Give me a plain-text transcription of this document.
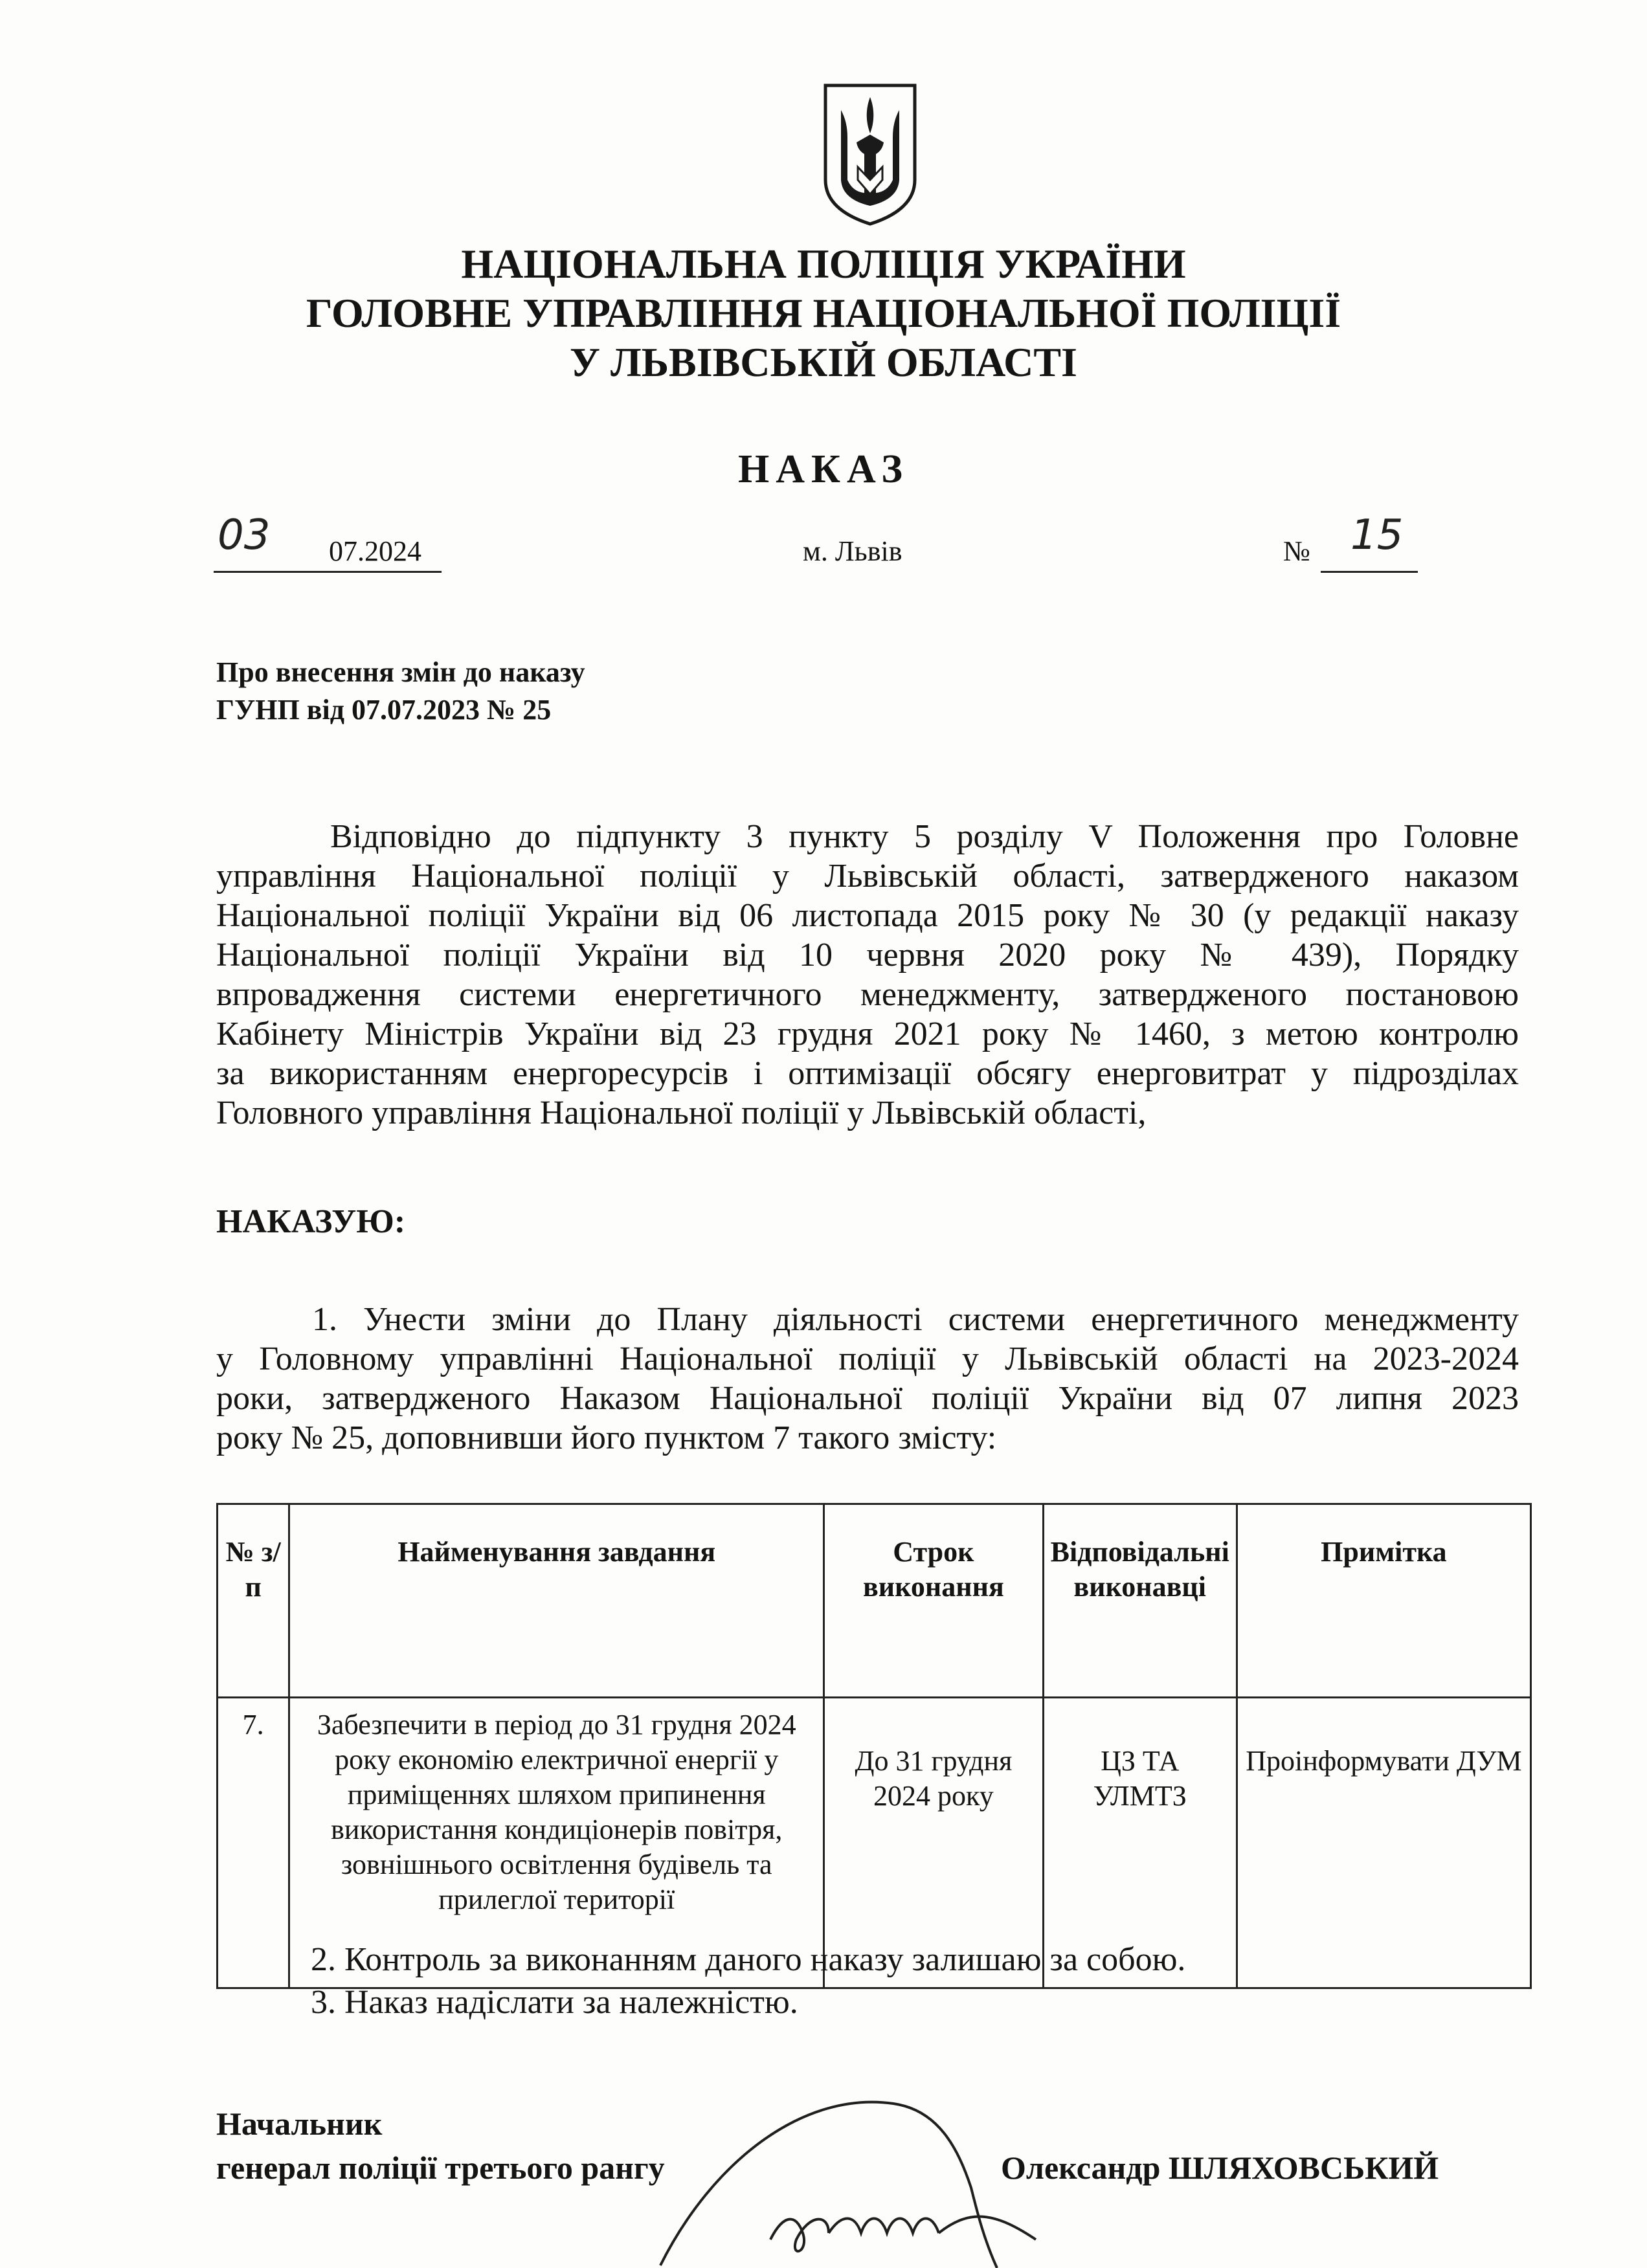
НАЦІОНАЛЬНА ПОЛІЦІЯ УКРАЇНИ
ГОЛОВНЕ УПРАВЛІННЯ НАЦІОНАЛЬНОЇ ПОЛІЦІЇ
У ЛЬВІВСЬКІЙ ОБЛАСТІ
НАКАЗ
03 07.2024	м. Львів	№ 15
Про внесення змін до наказу
ГУНП від 07.07.2023 № 25
Відповідно до підпункту 3 пункту 5 розділу V Положення про Головне
управління Національної поліції у Львівській області, затвердженого наказом
Національної поліції України від 06 листопада 2015 року № 30 (у редакції наказу
Національної поліції України від 10 червня 2020 року № 439), Порядку
впровадження системи енергетичного менеджменту, затвердженого постановою
Кабінету Міністрів України від 23 грудня 2021 року № 1460, з метою контролю
за використанням енергоресурсів і оптимізації обсягу енерговитрат у підрозділах
Головного управління Національної поліції у Львівській області,
НАКАЗУЮ:
1. Унести зміни до Плану діяльності системи енергетичного менеджменту
у Головному управлінні Національної поліції у Львівській області на 2023-2024
роки, затвердженого Наказом Національної поліції України від 07 липня 2023
року № 25, доповнивши його пунктом 7 такого змісту:
№ з/п	Найменування завдання	Строк виконання	Відповідальні виконавці	Примітка
7.	Забезпечити в період до 31 грудня 2024 року економію електричної енергії у приміщеннях шляхом припинення використання кондиціонерів повітря, зовнішнього освітлення будівель та прилеглої території	До 31 грудня 2024 року	ЦЗ ТА УЛМТЗ	Проінформувати ДУМ
2. Контроль за виконанням даного наказу залишаю за собою.
3. Наказ надіслати за належністю.
Начальник
генерал поліції третього рангу	Олександр ШЛЯХОВСЬКИЙ
